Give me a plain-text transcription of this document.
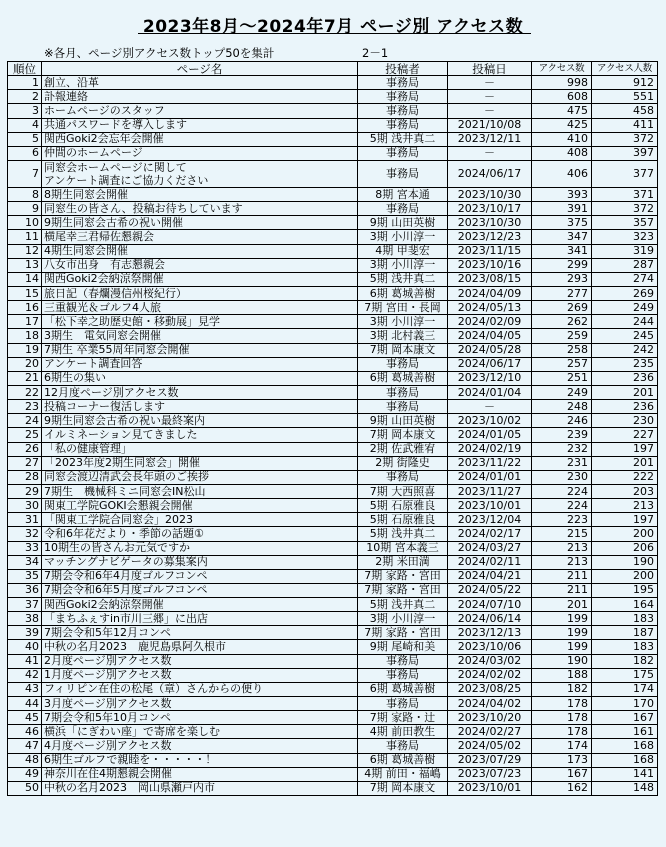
2023年8月～2024年7月 ページ別 アクセス数
※各月、ページ別アクセス数トップ50を集計	2－1
順位	ページ名	投稿者	投稿日	アクセス数	アクセス人数
1	創立、沿革	事務局	－	998	912
2	訃報連絡	事務局	－	608	551
3	ホームページのスタッフ	事務局	－	475	458
4	共通パスワードを導入します	事務局	2021/10/08	425	411
5	関西Goki2会忘年会開催	5期 浅井真二	2023/12/11	410	372
6	仲間のホームページ	事務局	－	408	397
7	同窓会ホームページに関して
アンケート調査にご協力ください	事務局	2024/06/17	406	377
8	8期生同窓会開催	8期 宮本通	2023/10/30	393	371
9	同窓生の皆さん、投稿お待ちしています	事務局	2023/10/17	391	372
10	9期生同窓会古希の祝い開催	9期 山田英樹	2023/10/30	375	357
11	横尾幸三君帰佐懇親会	3期 小川淳一	2023/12/23	347	323
12	4期生同窓会開催	4期 甲斐宏	2023/11/15	341	319
13	八女市出身　有志懇親会	3期 小川淳一	2023/10/16	299	287
14	関西Goki2会納涼祭開催	5期 浅井真二	2023/08/15	293	274
15	旅日記（春爛漫信州桜紀行）	6期 葛城善樹	2024/04/09	277	269
16	三重観光＆ゴルフ4人旅	7期 宮田・長岡	2024/05/13	269	249
17	「松下幸之助歴史館・移動展」見学	3期 小川淳一	2024/02/09	262	244
18	3期生　電気同窓会開催	3期 北村義三	2024/04/05	259	245
19	7期生 卒業55周年同窓会開催	7期 岡本康文	2024/05/28	258	242
20	アンケート調査回答	事務局	2024/06/17	257	235
21	6期生の集い	6期 葛城善樹	2023/12/10	251	236
22	12月度ページ別アクセス数	事務局	2024/01/04	249	201
23	投稿コーナー復活します	事務局	－	248	236
24	9期生同窓会古希の祝い最終案内	9期 山田英樹	2023/10/02	246	230
25	イルミネーション見てきました	7期 岡本康文	2024/01/05	239	227
26	「私の健康管理」	2期 佐武雅宥	2024/02/19	232	197
27	「2023年度2期生同窓会」開催	2期 街隆史	2023/11/22	231	201
28	同窓会渡辺清武会長年頭のご挨拶	事務局	2024/01/01	230	222
29	7期生　機械科ミニ同窓会IN松山	7期 大西照喜	2023/11/27	224	203
30	関東工学院GOKI会懇親会開催	5期 石原雅良	2023/10/01	224	213
31	「関東工学院合同窓会」2023	5期 石原雅良	2023/12/04	223	197
32	令和6年花だより・季節の話題①	5期 浅井真二	2024/02/17	215	200
33	10期生の皆さんお元気ですか	10期 宮本義三	2024/03/27	213	206
34	マッチングナビゲータの募集案内	2期 米田満	2024/02/11	213	190
35	7期会令和6年4月度ゴルフコンペ	7期 家路・宮田	2024/04/21	211	200
36	7期会令和6年5月度ゴルフコンペ	7期 家路・宮田	2024/05/22	211	195
37	関西Goki2会納涼祭開催	5期 浅井真二	2024/07/10	201	164
38	「まちふぇすin市川三郷」に出店	3期 小川淳一	2024/06/14	199	183
39	7期会令和5年12月コンペ	7期 家路・宮田	2023/12/13	199	187
40	中秋の名月2023　鹿児島県阿久根市	9期 尾崎和美	2023/10/06	199	183
41	2月度ページ別アクセス数	事務局	2024/03/02	190	182
42	1月度ページ別アクセス数	事務局	2024/02/02	188	175
43	フィリピン在住の松尾（章）さんからの便り	6期 葛城善樹	2023/08/25	182	174
44	3月度ページ別アクセス数	事務局	2024/04/02	178	170
45	7期会令和5年10月コンペ	7期 家路・辻	2023/10/20	178	167
46	横浜「にぎわい座」で寄席を楽しむ	4期 前田教生	2024/02/27	178	161
47	4月度ページ別アクセス数	事務局	2024/05/02	174	168
48	6期生ゴルフで親睦を・・・・・！	6期 葛城善樹	2023/07/29	173	168
49	神奈川在住4期懇親会開催	4期 前田・福嶋	2023/07/23	167	141
50	中秋の名月2023　岡山県瀬戸内市	7期 岡本康文	2023/10/01	162	148
